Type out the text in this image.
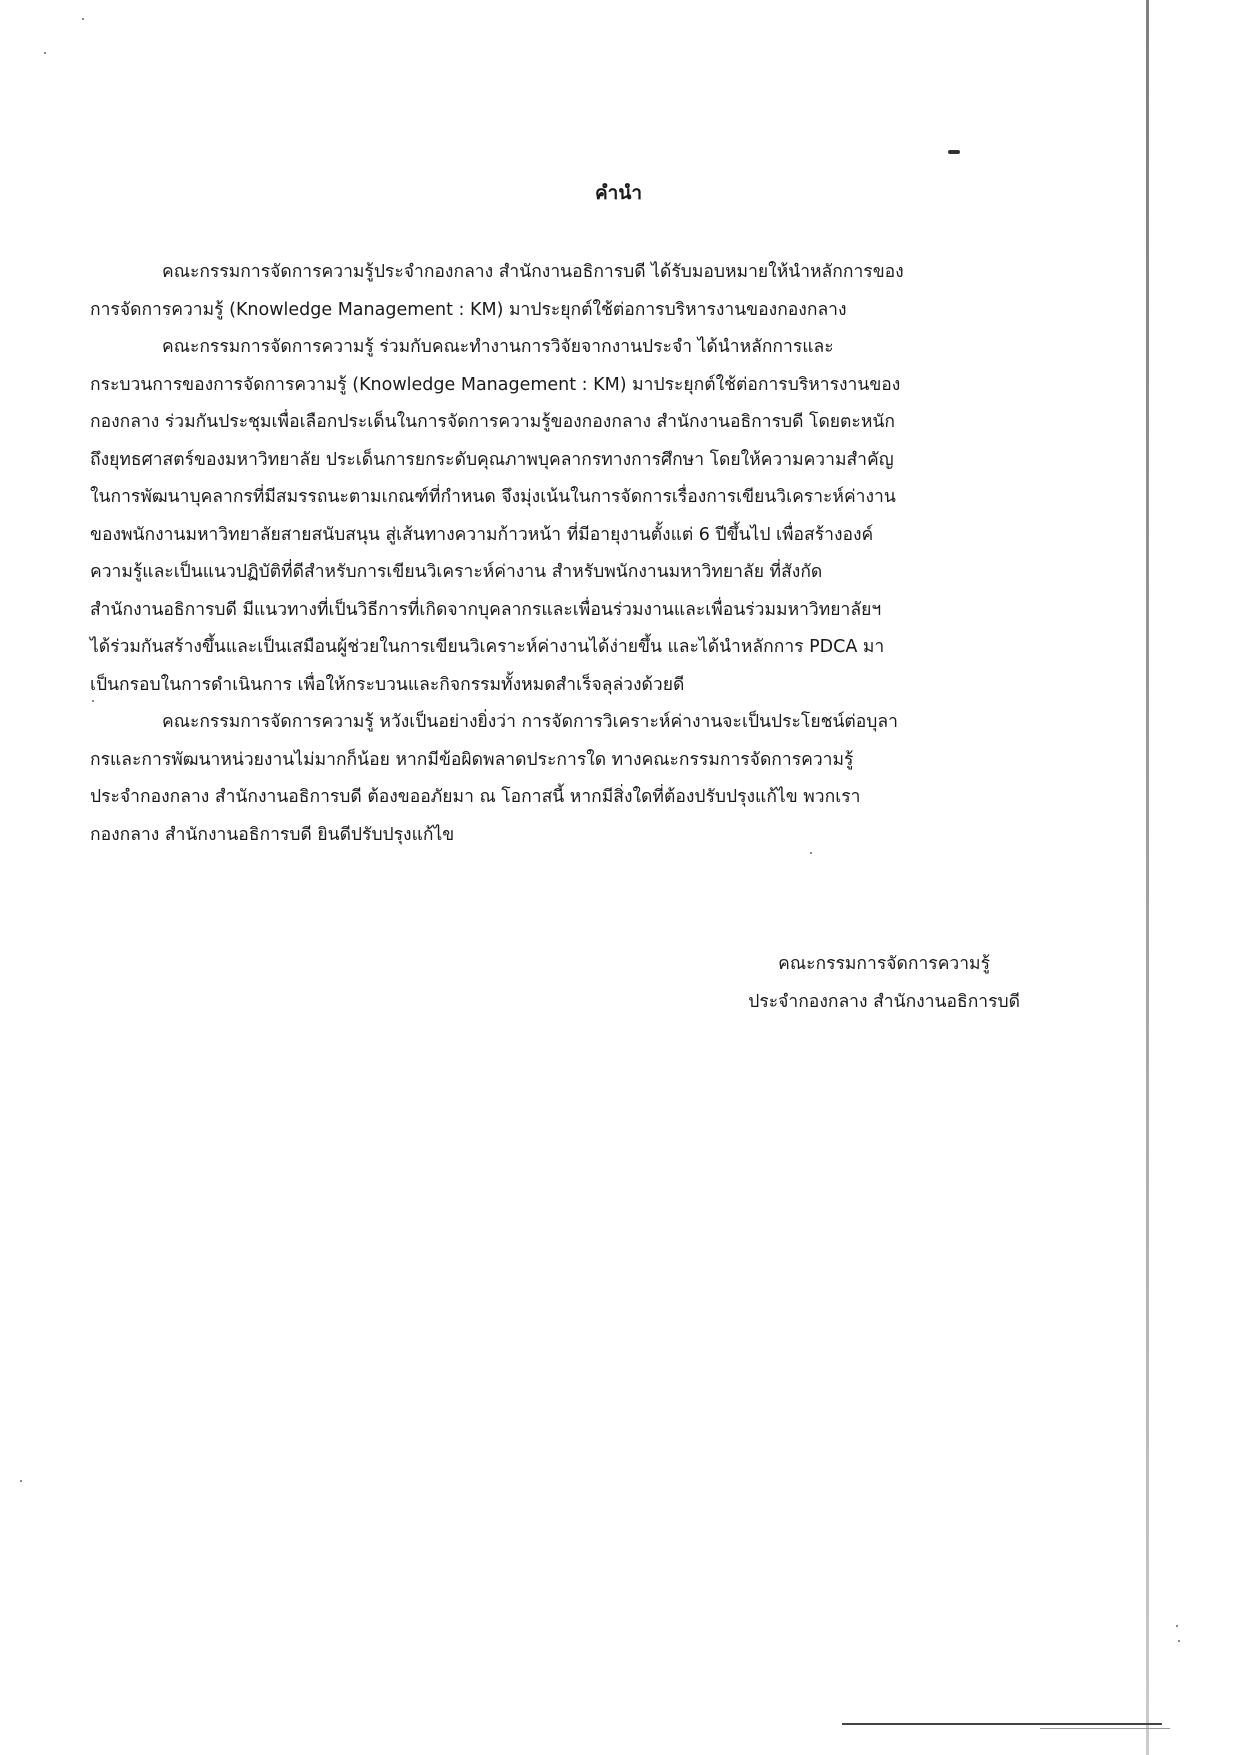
คำนำ
คณะกรรมการจัดการความรู้ประจำกองกลาง สำนักงานอธิการบดี ได้รับมอบหมายให้นำหลักการของ
การจัดการความรู้ (Knowledge Management : KM) มาประยุกต์ใช้ต่อการบริหารงานของกองกลาง
คณะกรรมการจัดการความรู้ ร่วมกับคณะทำงานการวิจัยจากงานประจำ ได้นำหลักการและ
กระบวนการของการจัดการความรู้ (Knowledge Management : KM) มาประยุกต์ใช้ต่อการบริหารงานของ
กองกลาง ร่วมกันประชุมเพื่อเลือกประเด็นในการจัดการความรู้ของกองกลาง สำนักงานอธิการบดี โดยตะหนัก
ถึงยุทธศาสตร์ของมหาวิทยาลัย ประเด็นการยกระดับคุณภาพบุคลากรทางการศึกษา โดยให้ความความสำคัญ
ในการพัฒนาบุคลากรที่มีสมรรถนะตามเกณฑ์ที่กำหนด จึงมุ่งเน้นในการจัดการเรื่องการเขียนวิเคราะห์ค่างาน
ของพนักงานมหาวิทยาลัยสายสนับสนุน สู่เส้นทางความก้าวหน้า ที่มีอายุงานตั้งแต่ 6 ปีขึ้นไป เพื่อสร้างองค์
ความรู้และเป็นแนวปฏิบัติที่ดีสำหรับการเขียนวิเคราะห์ค่างาน สำหรับพนักงานมหาวิทยาลัย ที่สังกัด
สำนักงานอธิการบดี มีแนวทางที่เป็นวิธีการที่เกิดจากบุคลากรและเพื่อนร่วมงานและเพื่อนร่วมมหาวิทยาลัยฯ
ได้ร่วมกันสร้างขึ้นและเป็นเสมือนผู้ช่วยในการเขียนวิเคราะห์ค่างานได้ง่ายขึ้น และได้นำหลักการ PDCA มา
เป็นกรอบในการดำเนินการ เพื่อให้กระบวนและกิจกรรมทั้งหมดสำเร็จลุล่วงด้วยดี
คณะกรรมการจัดการความรู้ หวังเป็นอย่างยิ่งว่า การจัดการวิเคราะห์ค่างานจะเป็นประโยชน์ต่อบุลา
กรและการพัฒนาหน่วยงานไม่มากก็น้อย หากมีข้อผิดพลาดประการใด ทางคณะกรรมการจัดการความรู้
ประจำกองกลาง สำนักงานอธิการบดี ต้องขออภัยมา ณ โอกาสนี้ หากมีสิ่งใดที่ต้องปรับปรุงแก้ไข พวกเรา
กองกลาง สำนักงานอธิการบดี ยินดีปรับปรุงแก้ไข
คณะกรรมการจัดการความรู้
ประจำกองกลาง สำนักงานอธิการบดี
